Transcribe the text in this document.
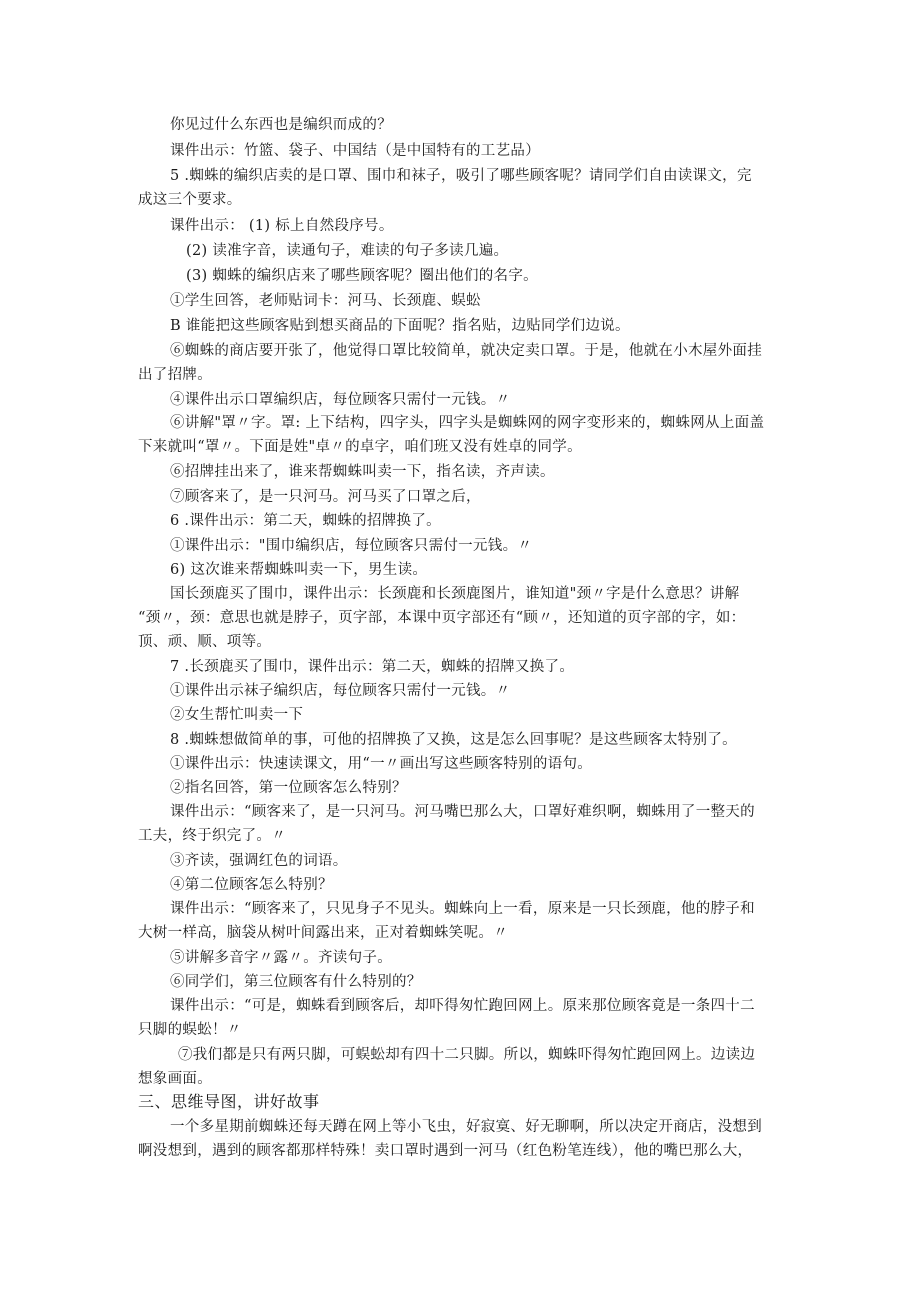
你见过什么东西也是编织而成的？
课件出示：竹篮、袋子、中国结（是中国特有的工艺品）
5 .蜘蛛的编织店卖的是口罩、围巾和袜子，吸引了哪些顾客呢？请同学们自由读课文，完
成这三个要求。
课件出示： (1) 标上自然段序号。
(2) 读准字音，读通句子，难读的句子多读几遍。
(3) 蜘蛛的编织店来了哪些顾客呢？圈出他们的名字。
①学生回答，老师贴词卡：河马、长颈鹿、蜈蚣
B 谁能把这些顾客贴到想买商品的下面呢？指名贴，边贴同学们边说。
⑥蜘蛛的商店要开张了，他觉得口罩比较简单，就决定卖口罩。于是，他就在小木屋外面挂
出了招牌。
④课件出示口罩编织店，每位顾客只需付一元钱。〃
⑥讲解"罩〃字。罩: 上下结构，四字头，四字头是蜘蛛网的网字变形来的，蜘蛛网从上面盖
下来就叫“罩〃。下面是姓"卓〃的卓字，咱们班又没有姓卓的同学。
⑥招牌挂出来了，谁来帮蜘蛛叫卖一下，指名读，齐声读。
⑦顾客来了，是一只河马。河马买了口罩之后，
6 .课件出示：第二天，蜘蛛的招牌换了。
①课件出示："围巾编织店，每位顾客只需付一元钱。〃
6) 这次谁来帮蜘蛛叫卖一下，男生读。
国长颈鹿买了围巾，课件出示：长颈鹿和长颈鹿图片，谁知道"颈〃字是什么意思？讲解
“颈〃，颈：意思也就是脖子，页字部，本课中页字部还有“顾〃，还知道的页字部的字，如：
顶、顽、顺、项等。
7 .长颈鹿买了围巾，课件出示：第二天，蜘蛛的招牌又换了。
①课件出示袜子编织店，每位顾客只需付一元钱。〃
②女生帮忙叫卖一下
8 .蜘蛛想做简单的事，可他的招牌换了又换，这是怎么回事呢？是这些顾客太特别了。
①课件出示：快速读课文，用“一〃画出写这些顾客特别的语句。
②指名回答，第一位顾客怎么特别？
课件出示：“顾客来了，是一只河马。河马嘴巴那么大，口罩好难织啊，蜘蛛用了一整天的
工夫，终于织完了。〃
③齐读，强调红色的词语。
④第二位顾客怎么特别？
课件出示：“顾客来了，只见身子不见头。蜘蛛向上一看，原来是一只长颈鹿，他的脖子和
大树一样高，脑袋从树叶间露出来，正对着蜘蛛笑呢。〃
⑤讲解多音字〃露〃。齐读句子。
⑥同学们，第三位顾客有什么特别的？
课件出示：“可是，蜘蛛看到顾客后，却吓得匆忙跑回网上。原来那位顾客竟是一条四十二
只脚的蜈蚣！〃
⑦我们都是只有两只脚，可蜈蚣却有四十二只脚。所以，蜘蛛吓得匆忙跑回网上。边读边
想象画面。
三、思维导图，讲好故事
一个多星期前蜘蛛还每天蹲在网上等小飞虫，好寂寞、好无聊啊，所以决定开商店，没想到
啊没想到，遇到的顾客都那样特殊！卖口罩时遇到一河马（红色粉笔连线），他的嘴巴那么大，
